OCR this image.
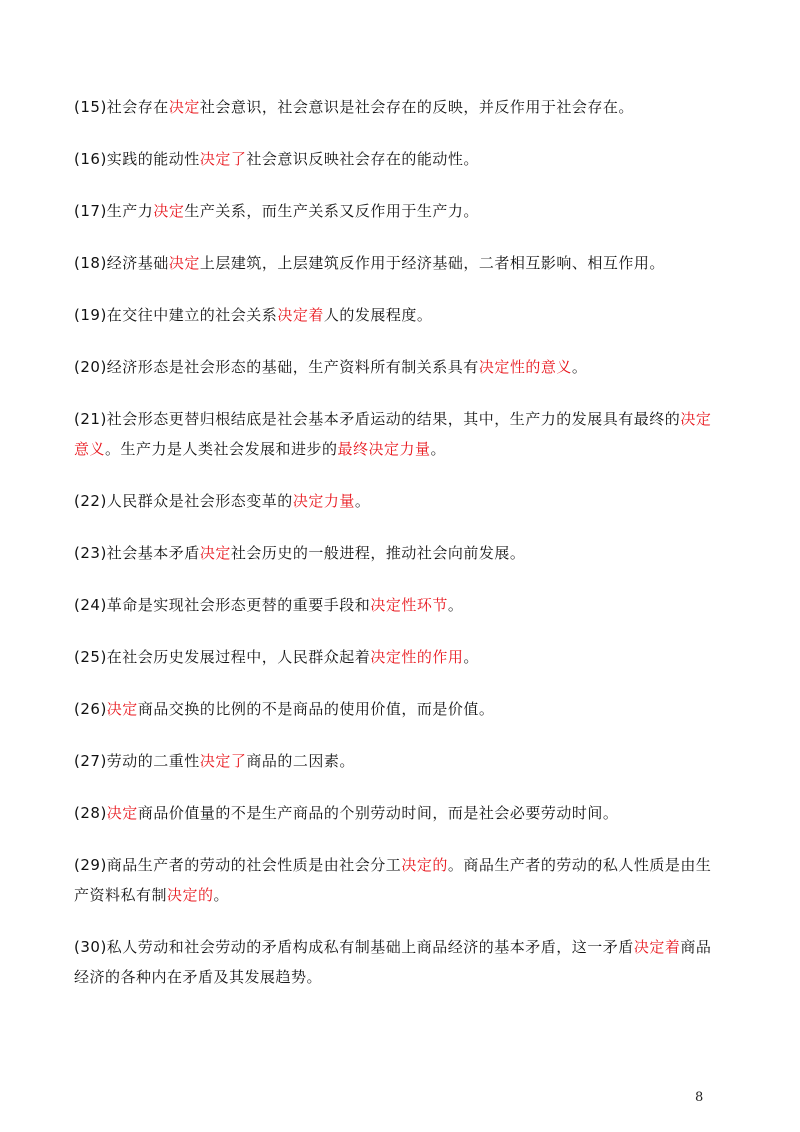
(15)社会存在决定社会意识，社会意识是社会存在的反映，并反作用于社会存在。

(16)实践的能动性决定了社会意识反映社会存在的能动性。

(17)生产力决定生产关系，而生产关系又反作用于生产力。

(18)经济基础决定上层建筑，上层建筑反作用于经济基础，二者相互影响、相互作用。

(19)在交往中建立的社会关系决定着人的发展程度。

(20)经济形态是社会形态的基础，生产资料所有制关系具有决定性的意义。

(21)社会形态更替归根结底是社会基本矛盾运动的结果，其中，生产力的发展具有最终的决定意义。生产力是人类社会发展和进步的最终决定力量。

(22)人民群众是社会形态变革的决定力量。

(23)社会基本矛盾决定社会历史的一般进程，推动社会向前发展。

(24)革命是实现社会形态更替的重要手段和决定性环节。

(25)在社会历史发展过程中，人民群众起着决定性的作用。

(26)决定商品交换的比例的不是商品的使用价值，而是价值。

(27)劳动的二重性决定了商品的二因素。

(28)决定商品价值量的不是生产商品的个别劳动时间，而是社会必要劳动时间。

(29)商品生产者的劳动的社会性质是由社会分工决定的。商品生产者的劳动的私人性质是由生产资料私有制决定的。

(30)私人劳动和社会劳动的矛盾构成私有制基础上商品经济的基本矛盾，这一矛盾决定着商品经济的各种内在矛盾及其发展趋势。

8
